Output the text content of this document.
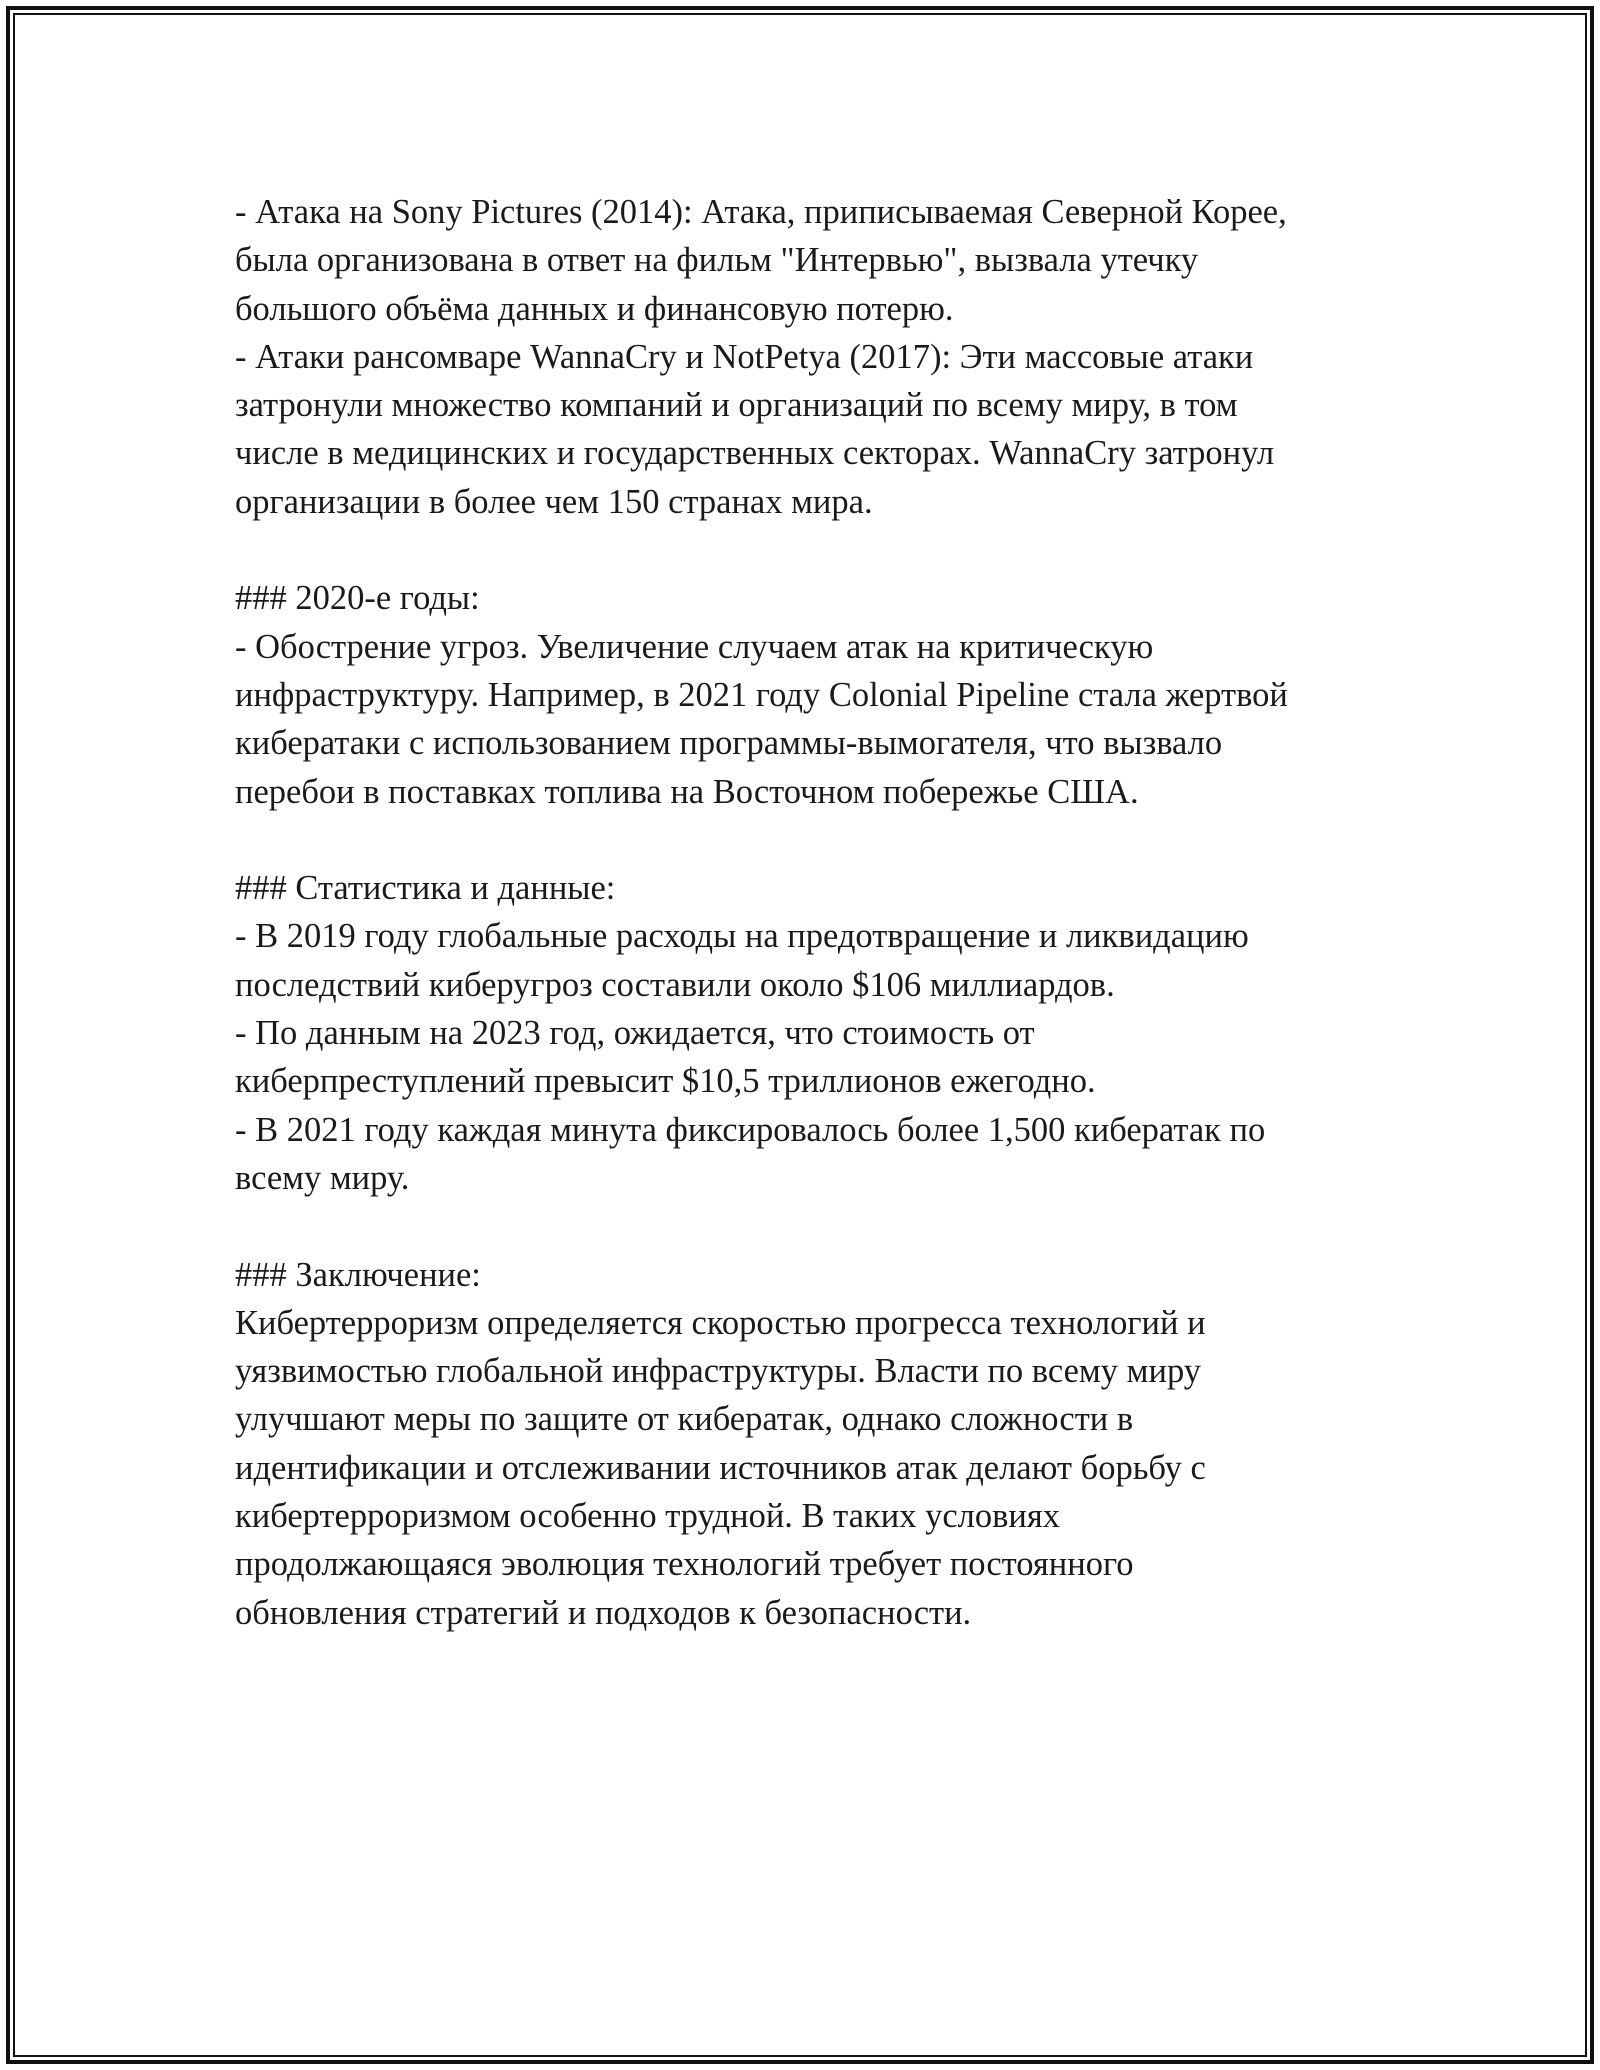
- Атака на Sony Pictures (2014): Атака, приписываемая Северной Корее,
была организована в ответ на фильм "Интервью", вызвала утечку
большого объёма данных и финансовую потерю.
- Атаки рансомваре WannaCry и NotPetya (2017): Эти массовые атаки
затронули множество компаний и организаций по всему миру, в том
числе в медицинских и государственных секторах. WannaCry затронул
организации в более чем 150 странах мира.
### 2020-е годы:
- Обострение угроз. Увеличение случаем атак на критическую
инфраструктуру. Например, в 2021 году Colonial Pipeline стала жертвой
кибератаки с использованием программы-вымогателя, что вызвало
перебои в поставках топлива на Восточном побережье США.
### Статистика и данные:
- В 2019 году глобальные расходы на предотвращение и ликвидацию
последствий киберугроз составили около $106 миллиардов.
- По данным на 2023 год, ожидается, что стоимость от
киберпреступлений превысит $10,5 триллионов ежегодно.
- В 2021 году каждая минута фиксировалось более 1,500 кибератак по
всему миру.
### Заключение:
Кибертерроризм определяется скоростью прогресса технологий и
уязвимостью глобальной инфраструктуры. Власти по всему миру
улучшают меры по защите от кибератак, однако сложности в
идентификации и отслеживании источников атак делают борьбу с
кибертерроризмом особенно трудной. В таких условиях
продолжающаяся эволюция технологий требует постоянного
обновления стратегий и подходов к безопасности.
